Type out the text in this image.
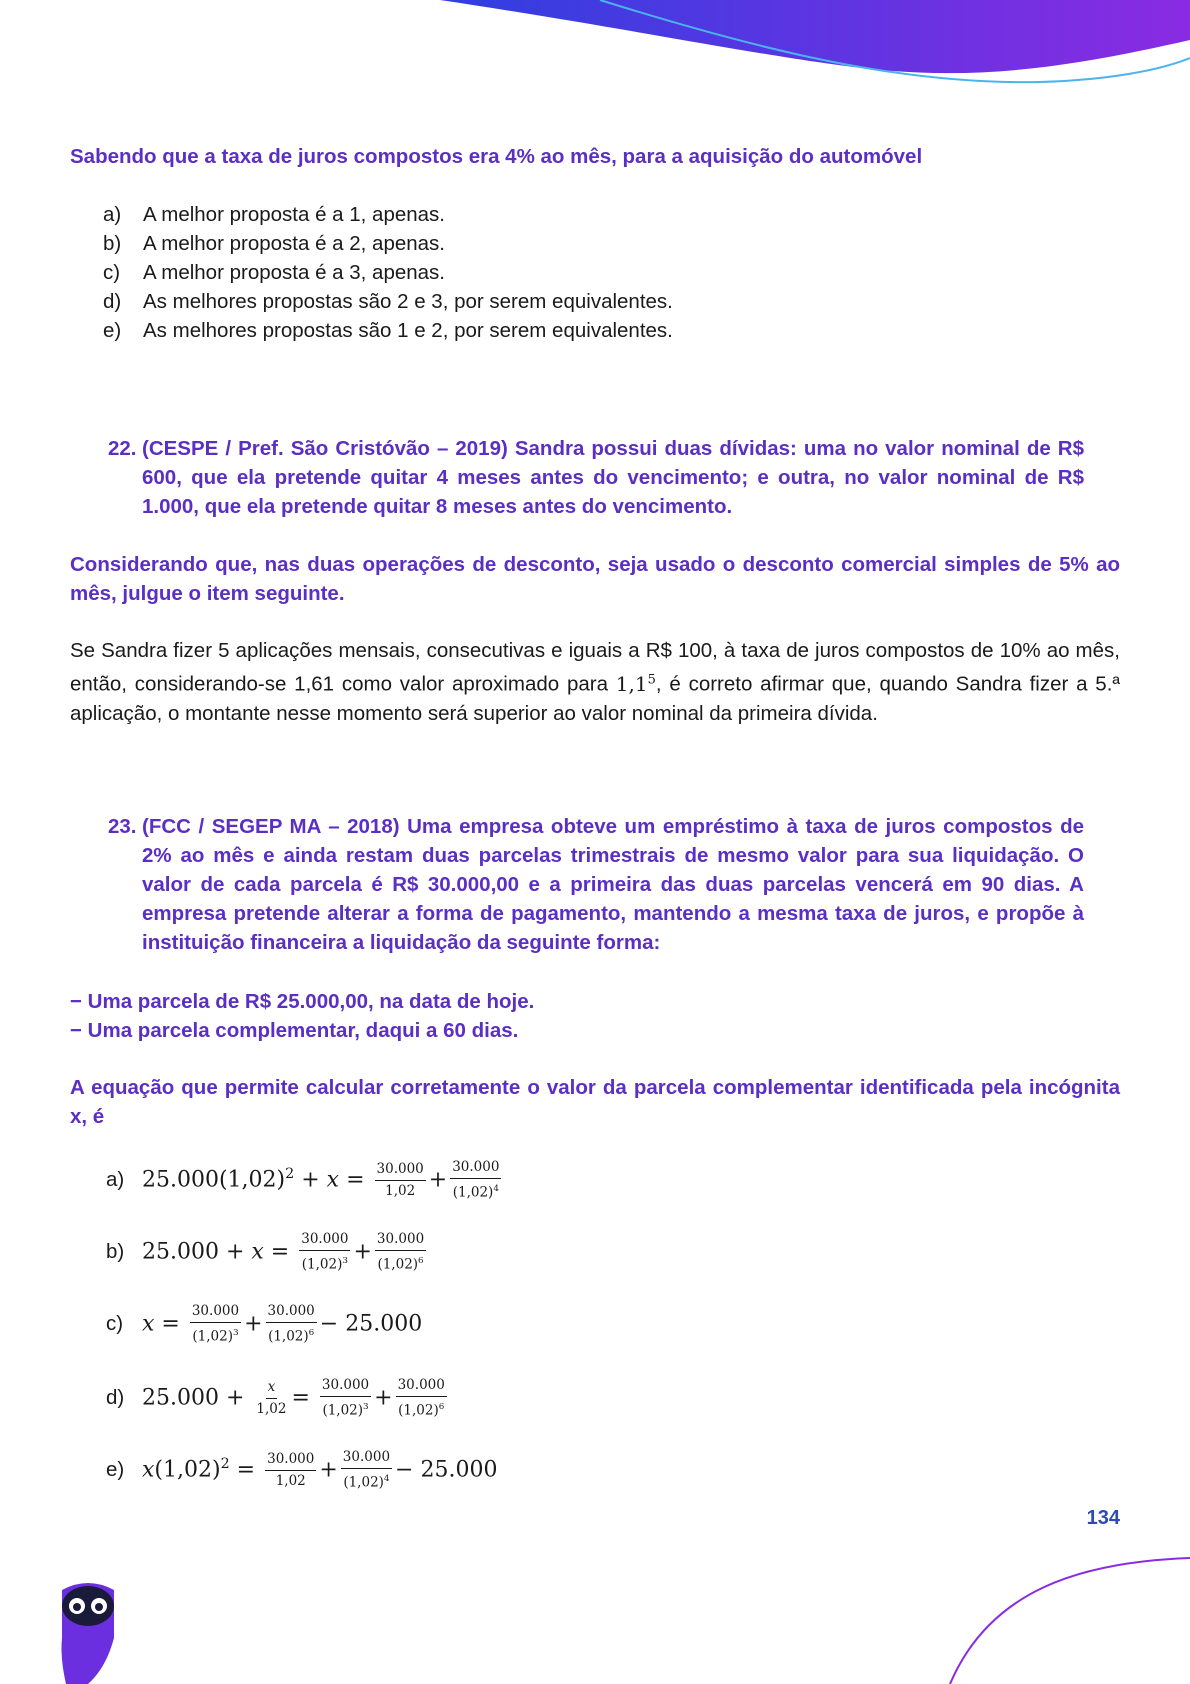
Sabendo que a taxa de juros compostos era 4% ao mês, para a aquisição do automóvel
a)	A melhor proposta é a 1, apenas.
b)	A melhor proposta é a 2, apenas.
c)	A melhor proposta é a 3, apenas.
d)	As melhores propostas são 2 e 3, por serem equivalentes.
e)	As melhores propostas são 1 e 2, por serem equivalentes.
22. (CESPE / Pref. São Cristóvão – 2019) Sandra possui duas dívidas: uma no valor nominal de R$ 600, que ela pretende quitar 4 meses antes do vencimento; e outra, no valor nominal de R$ 1.000, que ela pretende quitar 8 meses antes do vencimento.
Considerando que, nas duas operações de desconto, seja usado o desconto comercial simples de 5% ao mês, julgue o item seguinte.
Se Sandra fizer 5 aplicações mensais, consecutivas e iguais a R$ 100, à taxa de juros compostos de 10% ao mês, então, considerando-se 1,61 como valor aproximado para $1,1^5$, é correto afirmar que, quando Sandra fizer a 5.ª aplicação, o montante nesse momento será superior ao valor nominal da primeira dívida.
23. (FCC / SEGEP MA – 2018) Uma empresa obteve um empréstimo à taxa de juros compostos de 2% ao mês e ainda restam duas parcelas trimestrais de mesmo valor para sua liquidação. O valor de cada parcela é R$ 30.000,00 e a primeira das duas parcelas vencerá em 90 dias. A empresa pretende alterar a forma de pagamento, mantendo a mesma taxa de juros, e propõe à instituição financeira a liquidação da seguinte forma:
− Uma parcela de R$ 25.000,00, na data de hoje.
− Uma parcela complementar, daqui a 60 dias.
A equação que permite calcular corretamente o valor da parcela complementar identificada pela incógnita x, é
a) $25.000(1,02)^2$ + 𝑥 = $\frac{30.000}{1,02} + \frac{30.000}{(1,02)^4}$
b) 25.000 + 𝑥 = $\frac{30.000}{(1,02)^3} + \frac{30.000}{(1,02)^6}$
c) 𝑥 = $\frac{30.000}{(1,02)^3} + \frac{30.000}{(1,02)^6} - 25.000$
d) $25.000 + \frac{\text{𝑥}}{1,02} = \frac{30.000}{(1,02)^3} + \frac{30.000}{(1,02)^6}$
e) $𝑥(1,02)^2 = \frac{30.000}{1,02} + \frac{30.000}{(1,02)^4} - 25.000$
134
